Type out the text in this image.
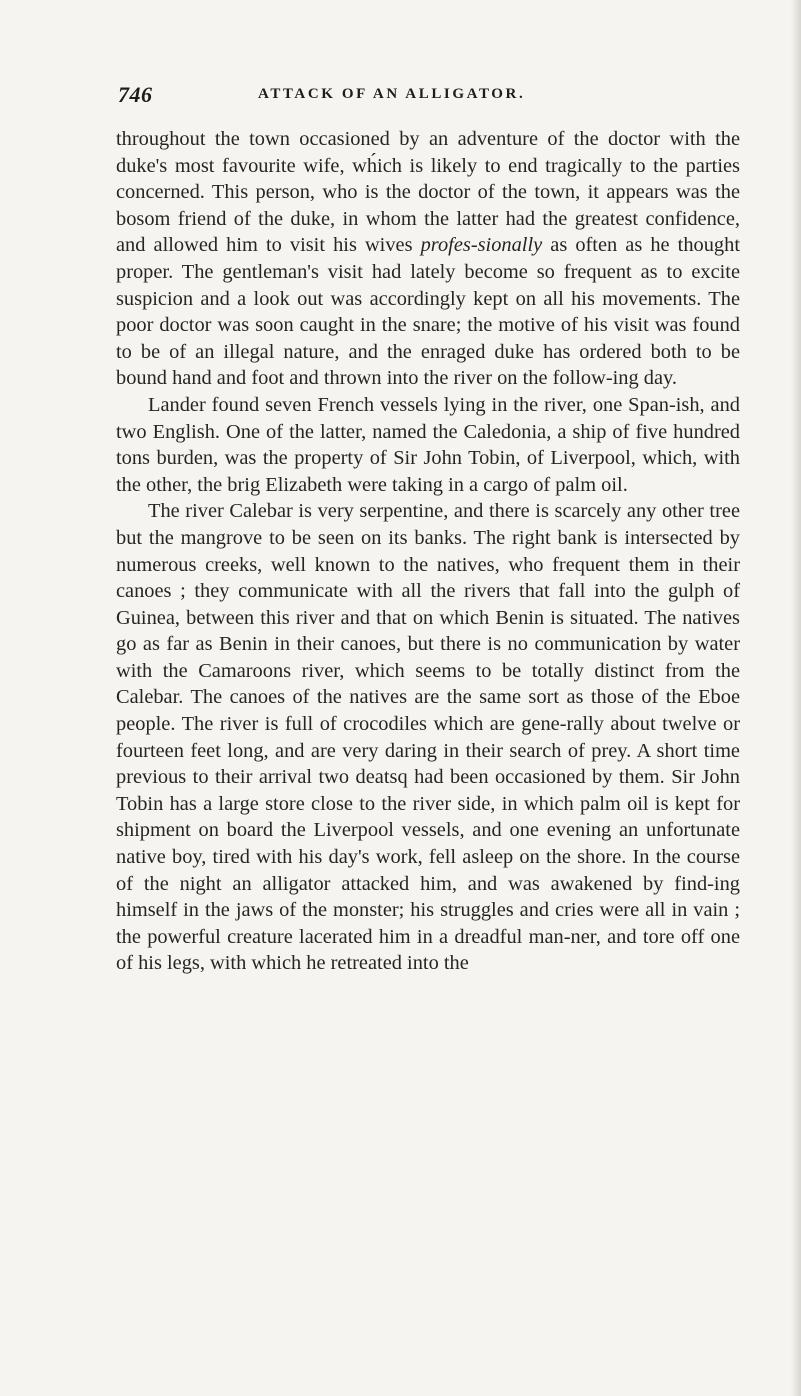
746	ATTACK OF AN ALLIGATOR.

throughout the town occasioned by an adventure of the doctor with the duke's most favourite wife, wh́ich is likely to end tragically to the parties concerned. This person, who is the doctor of the town, it appears was the bosom friend of the duke, in whom the latter had the greatest confidence, and allowed him to visit his wives profes-sionally as often as he thought proper. The gentleman's visit had lately become so frequent as to excite suspicion and a look out was accordingly kept on all his movements. The poor doctor was soon caught in the snare; the motive of his visit was found to be of an illegal nature, and the enraged duke has ordered both to be bound hand and foot and thrown into the river on the follow-ing day.

Lander found seven French vessels lying in the river, one Span-ish, and two English. One of the latter, named the Caledonia, a ship of five hundred tons burden, was the property of Sir John Tobin, of Liverpool, which, with the other, the brig Elizabeth were taking in a cargo of palm oil.

The river Calebar is very serpentine, and there is scarcely any other tree but the mangrove to be seen on its banks. The right bank is intersected by numerous creeks, well known to the natives, who frequent them in their canoes ; they communicate with all the rivers that fall into the gulph of Guinea, between this river and that on which Benin is situated. The natives go as far as Benin in their canoes, but there is no communication by water with the Camaroons river, which seems to be totally distinct from the Calebar. The canoes of the natives are the same sort as those of the Eboe people. The river is full of crocodiles which are gene-rally about twelve or fourteen feet long, and are very daring in their search of prey. A short time previous to their arrival two deatsq had been occasioned by them. Sir John Tobin has a large store close to the river side, in which palm oil is kept for shipment on board the Liverpool vessels, and one evening an unfortunate native boy, tired with his day's work, fell asleep on the shore. In the course of the night an alligator attacked him, and was awakened by find-ing himself in the jaws of the monster; his struggles and cries were all in vain ; the powerful creature lacerated him in a dreadful man-ner, and tore off one of his legs, with which he retreated into the
